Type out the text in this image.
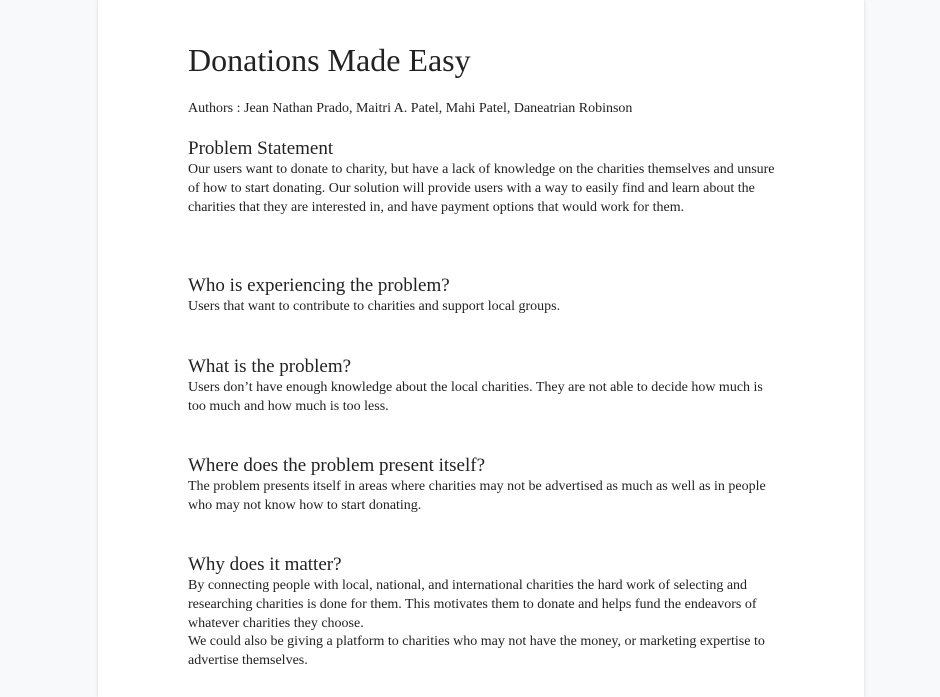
Donations Made Easy

Authors : Jean Nathan Prado, Maitri A. Patel, Mahi Patel, Daneatrian Robinson

Problem Statement

Our users want to donate to charity, but have a lack of knowledge on the charities themselves and unsure of how to start donating. Our solution will provide users with a way to easily find and learn about the charities that they are interested in, and have payment options that would work for them.

Who is experiencing the problem?

Users that want to contribute to charities and support local groups.

What is the problem?

Users don’t have enough knowledge about the local charities. They are not able to decide how much is too much and how much is too less.

Where does the problem present itself?

The problem presents itself in areas where charities may not be advertised as much as well as in people who may not know how to start donating.

Why does it matter?

By connecting people with local, national, and international charities the hard work of selecting and researching charities is done for them. This motivates them to donate and helps fund the endeavors of whatever charities they choose.

We could also be giving a platform to charities who may not have the money, or marketing expertise to advertise themselves.
